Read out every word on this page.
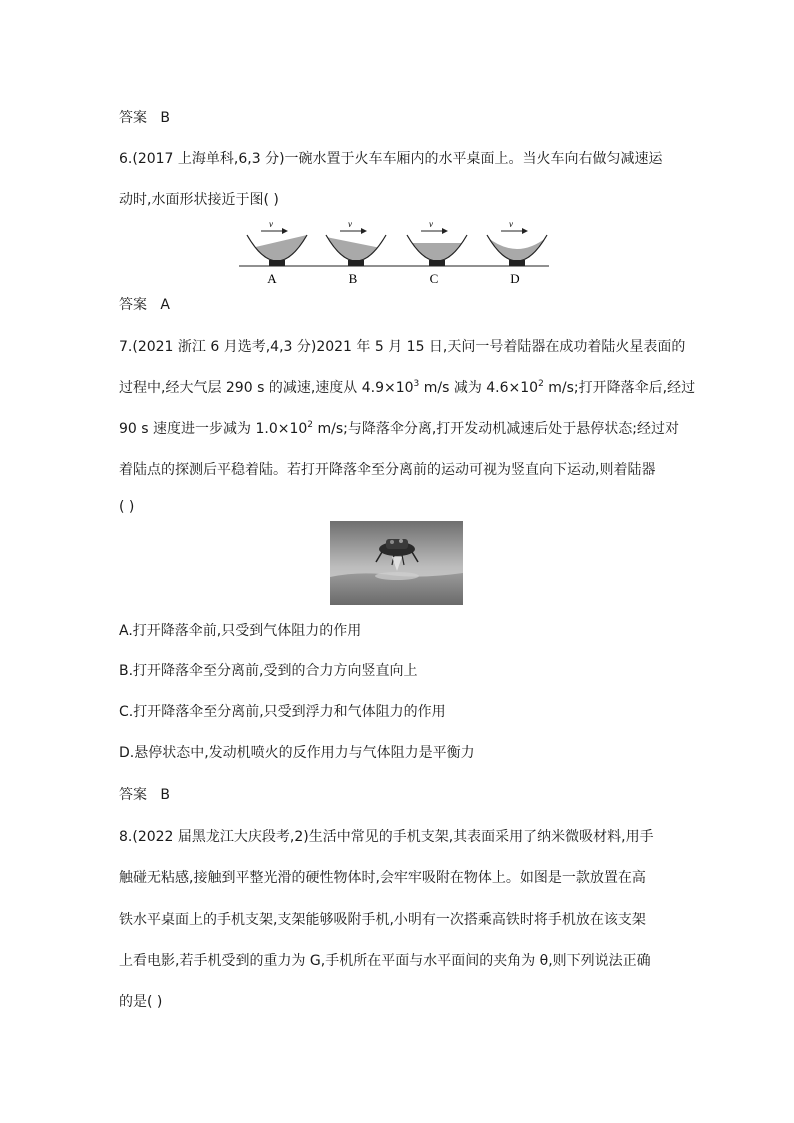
答案 B
6.(2017 上海单科,6,3 分)一碗水置于火车车厢内的水平桌面上。当火车向右做匀减速运
动时,水面形状接近于图( )
v	v	v	v
A	B	C	D
答案 A
7.(2021 浙江 6 月选考,4,3 分)2021 年 5 月 15 日,天问一号着陆器在成功着陆火星表面的
过程中,经大气层 290 s 的减速,速度从 $4.9\times 10^3$ m/s 减为 $4.6\times 10^2$ m/s;打开降落伞后,经过
90 s 速度进一步减为 $1.0\times 10^2$ m/s;与降落伞分离,打开发动机减速后处于悬停状态;经过对
着陆点的探测后平稳着陆。若打开降落伞至分离前的运动可视为竖直向下运动,则着陆器
( )
A.打开降落伞前,只受到气体阻力的作用
B.打开降落伞至分离前,受到的合力方向竖直向上
C.打开降落伞至分离前,只受到浮力和气体阻力的作用
D.悬停状态中,发动机喷火的反作用力与气体阻力是平衡力
答案 B
8.(2022 届黑龙江大庆段考,2)生活中常见的手机支架,其表面采用了纳米微吸材料,用手
触碰无粘感,接触到平整光滑的硬性物体时,会牢牢吸附在物体上。如图是一款放置在高
铁水平桌面上的手机支架,支架能够吸附手机,小明有一次搭乘高铁时将手机放在该支架
上看电影,若手机受到的重力为 G,手机所在平面与水平面间的夹角为 θ,则下列说法正确
的是( )
